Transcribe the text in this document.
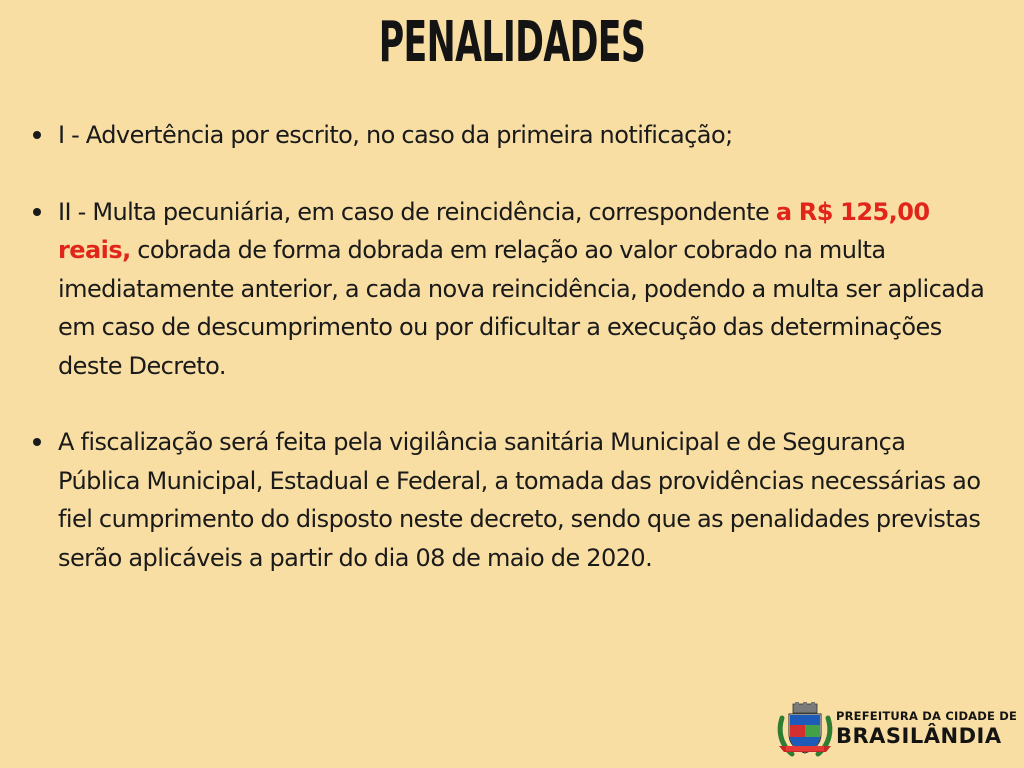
PENALIDADES

I - Advertência por escrito, no caso da primeira notificação;

II - Multa pecuniária, em caso de reincidência, correspondente a R$ 125,00 reais, cobrada de forma dobrada em relação ao valor cobrado na multa imediatamente anterior, a cada nova reincidência, podendo a multa ser aplicada em caso de descumprimento ou por dificultar a execução das determinações deste Decreto.

A fiscalização será feita pela vigilância sanitária Municipal e de Segurança Pública Municipal, Estadual e Federal, a tomada das providências necessárias ao fiel cumprimento do disposto neste decreto, sendo que as penalidades previstas serão aplicáveis a partir do dia 08 de maio de 2020.

PREFEITURA DA CIDADE DE
BRASILÂNDIA
